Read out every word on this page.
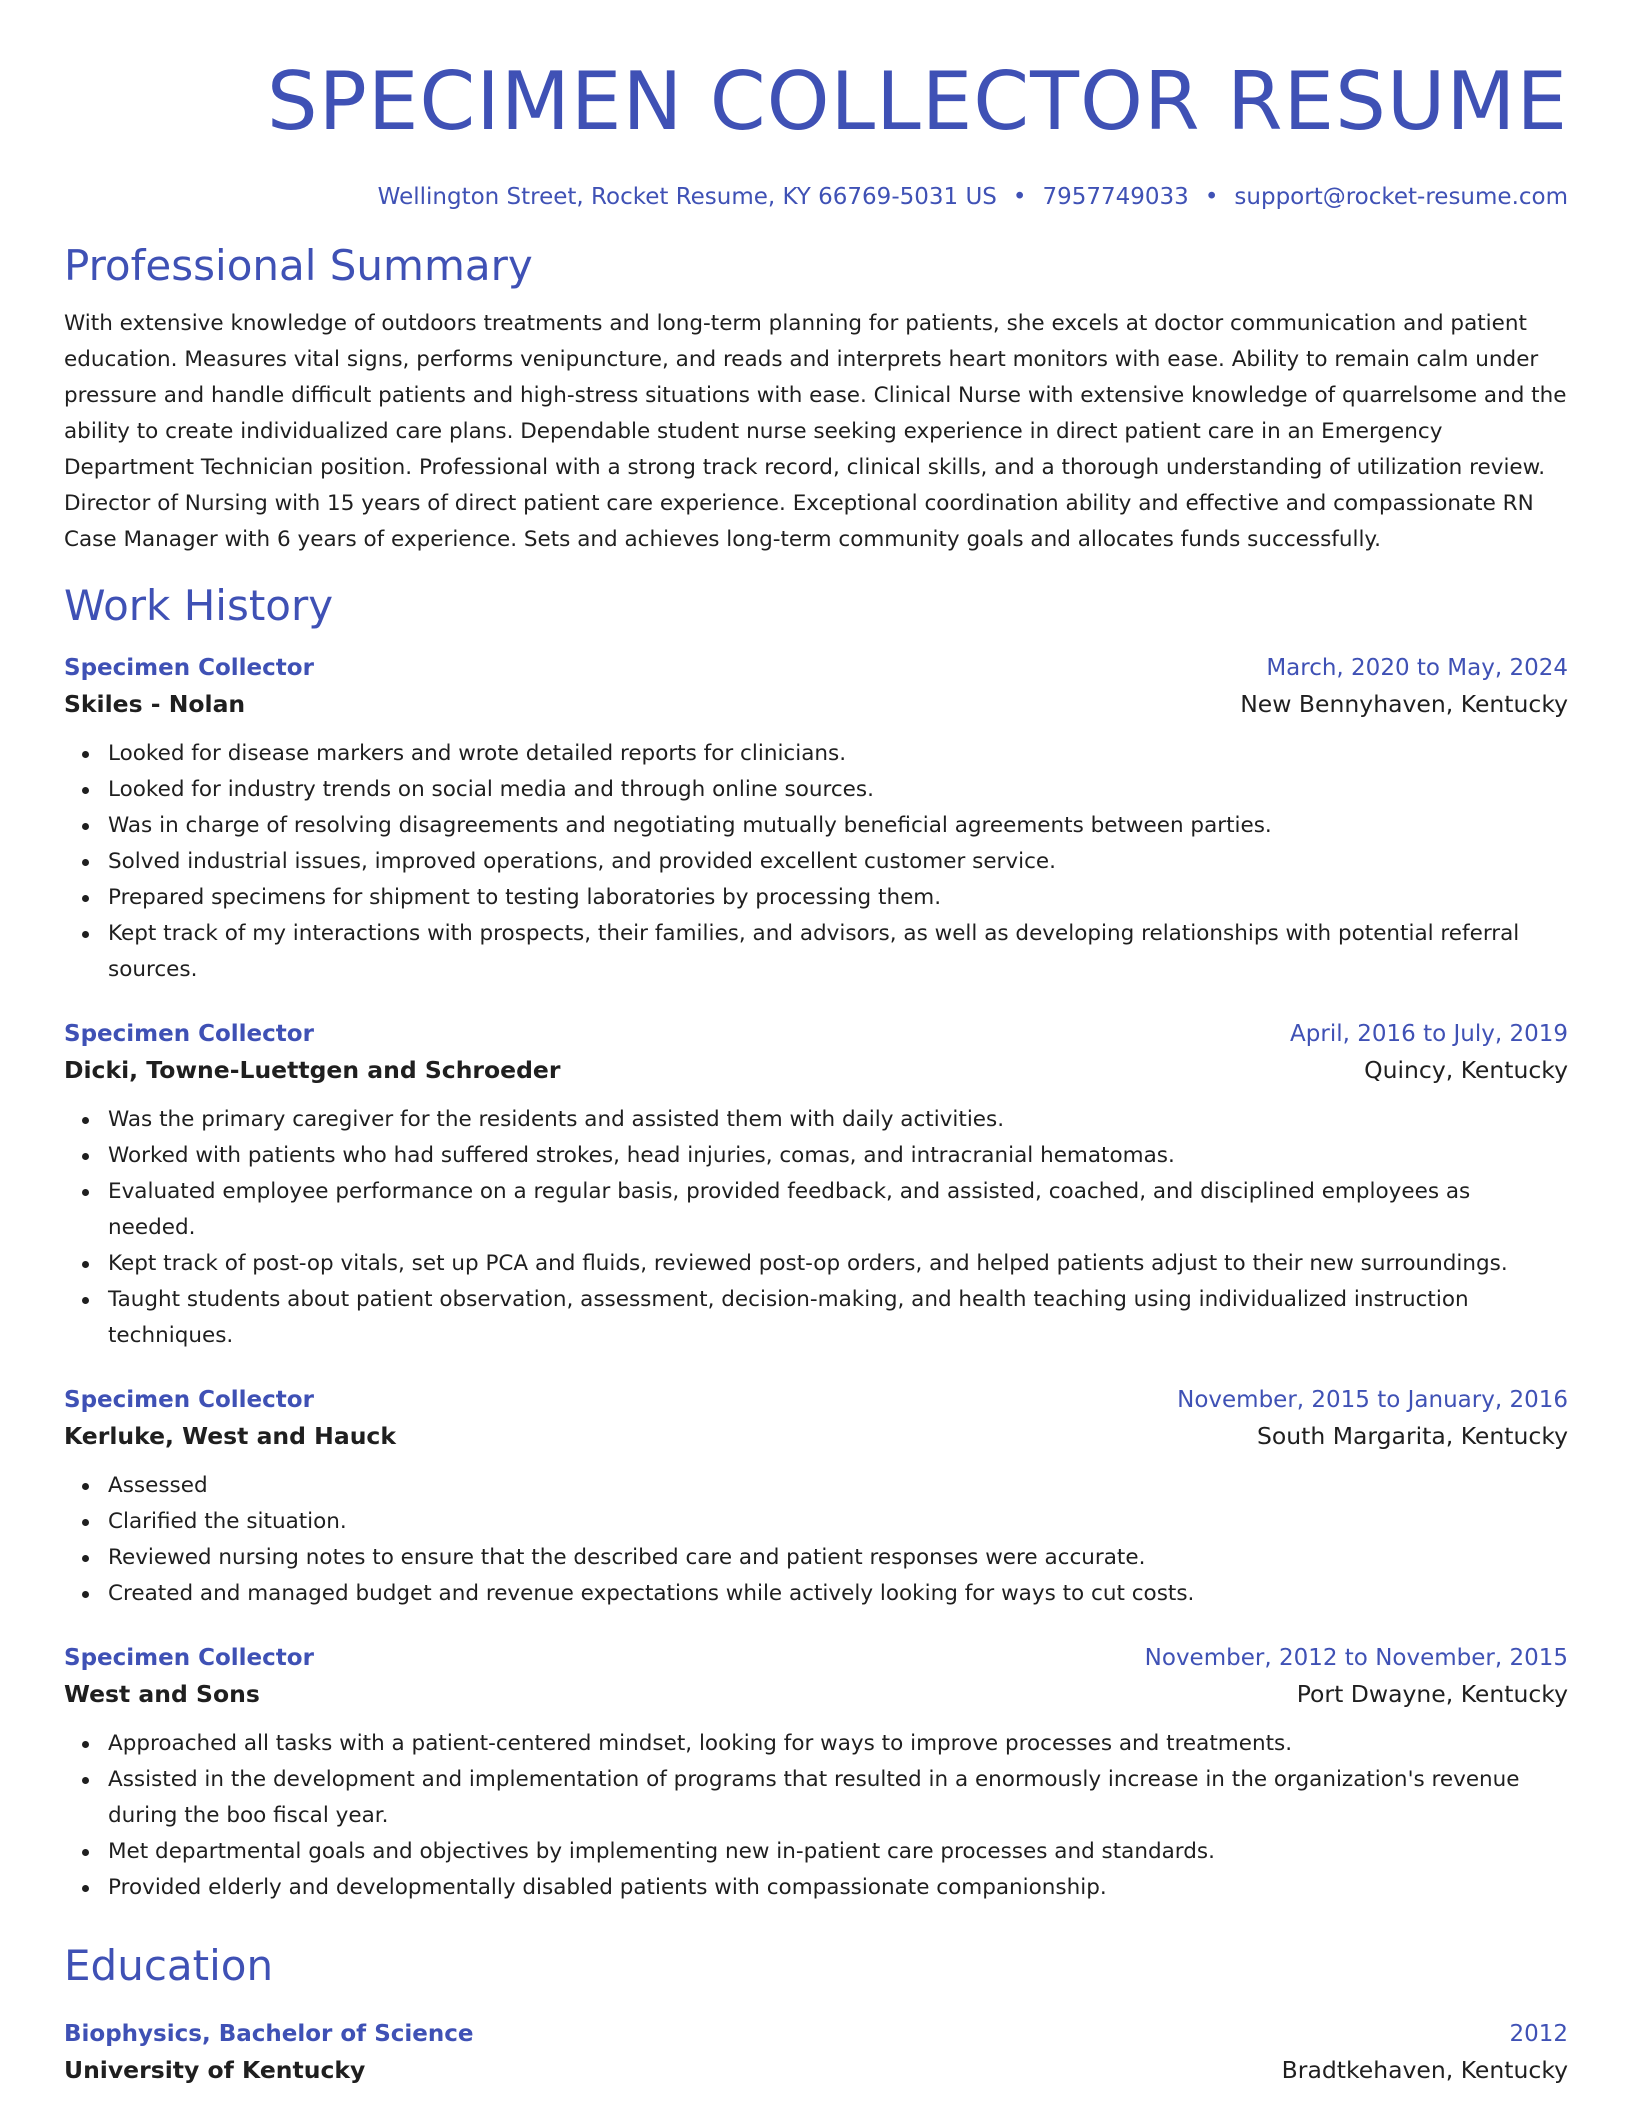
SPECIMEN COLLECTOR RESUME
Wellington Street, Rocket Resume, KY 66769-5031 US • 7957749033 • support@rocket-resume.com
Professional Summary

With extensive knowledge of outdoors treatments and long-term planning for patients, she excels at doctor communication and patient education. Measures vital signs, performs venipuncture, and reads and interprets heart monitors with ease. Ability to remain calm under pressure and handle difficult patients and high-stress situations with ease. Clinical Nurse with extensive knowledge of quarrelsome and the ability to create individualized care plans. Dependable student nurse seeking experience in direct patient care in an Emergency Department Technician position. Professional with a strong track record, clinical skills, and a thorough understanding of utilization review. Director of Nursing with 15 years of direct patient care experience. Exceptional coordination ability and effective and compassionate RN Case Manager with 6 years of experience. Sets and achieves long-term community goals and allocates funds successfully.

Work History
Specimen Collector	March, 2020 to May, 2024
Skiles - Nolan	New Bennyhaven, Kentucky
Looked for disease markers and wrote detailed reports for clinicians.
Looked for industry trends on social media and through online sources.
Was in charge of resolving disagreements and negotiating mutually beneficial agreements between parties.
Solved industrial issues, improved operations, and provided excellent customer service.
Prepared specimens for shipment to testing laboratories by processing them.
Kept track of my interactions with prospects, their families, and advisors, as well as developing relationships with potential referral sources.
Specimen Collector	April, 2016 to July, 2019
Dicki, Towne-Luettgen and Schroeder	Quincy, Kentucky
Was the primary caregiver for the residents and assisted them with daily activities.
Worked with patients who had suffered strokes, head injuries, comas, and intracranial hematomas.
Evaluated employee performance on a regular basis, provided feedback, and assisted, coached, and disciplined employees as needed.
Kept track of post-op vitals, set up PCA and fluids, reviewed post-op orders, and helped patients adjust to their new surroundings.
Taught students about patient observation, assessment, decision-making, and health teaching using individualized instruction techniques.
Specimen Collector	November, 2015 to January, 2016
Kerluke, West and Hauck	South Margarita, Kentucky
Assessed
Clarified the situation.
Reviewed nursing notes to ensure that the described care and patient responses were accurate.
Created and managed budget and revenue expectations while actively looking for ways to cut costs.
Specimen Collector	November, 2012 to November, 2015
West and Sons	Port Dwayne, Kentucky
Approached all tasks with a patient-centered mindset, looking for ways to improve processes and treatments.
Assisted in the development and implementation of programs that resulted in a enormously increase in the organization's revenue during the boo fiscal year.
Met departmental goals and objectives by implementing new in-patient care processes and standards.
Provided elderly and developmentally disabled patients with compassionate companionship.
Education
Biophysics, Bachelor of Science	2012
University of Kentucky	Bradtkehaven, Kentucky
